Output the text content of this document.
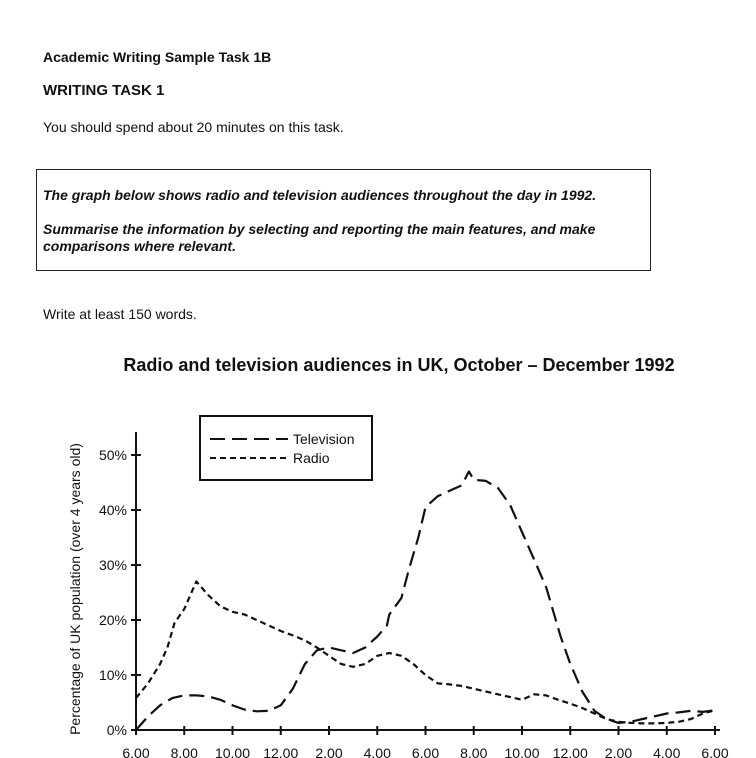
Academic Writing Sample Task 1B
WRITING TASK 1
You should spend about 20 minutes on this task.
The graph below shows radio and television audiences throughout the day in 1992.
Summarise the information by selecting and reporting the main features, and make comparisons where relevant.
Write at least 150 words.
Radio and television audiences in UK, October – December 1992
0%
10%
20%
30%
40%
50%
6.00 8.00 10.00 12.00 2.00 4.00 6.00 8.00 10.00 12.00 2.00 4.00 6.00
Television
Radio
Percentage of UK population (over 4 years old)
